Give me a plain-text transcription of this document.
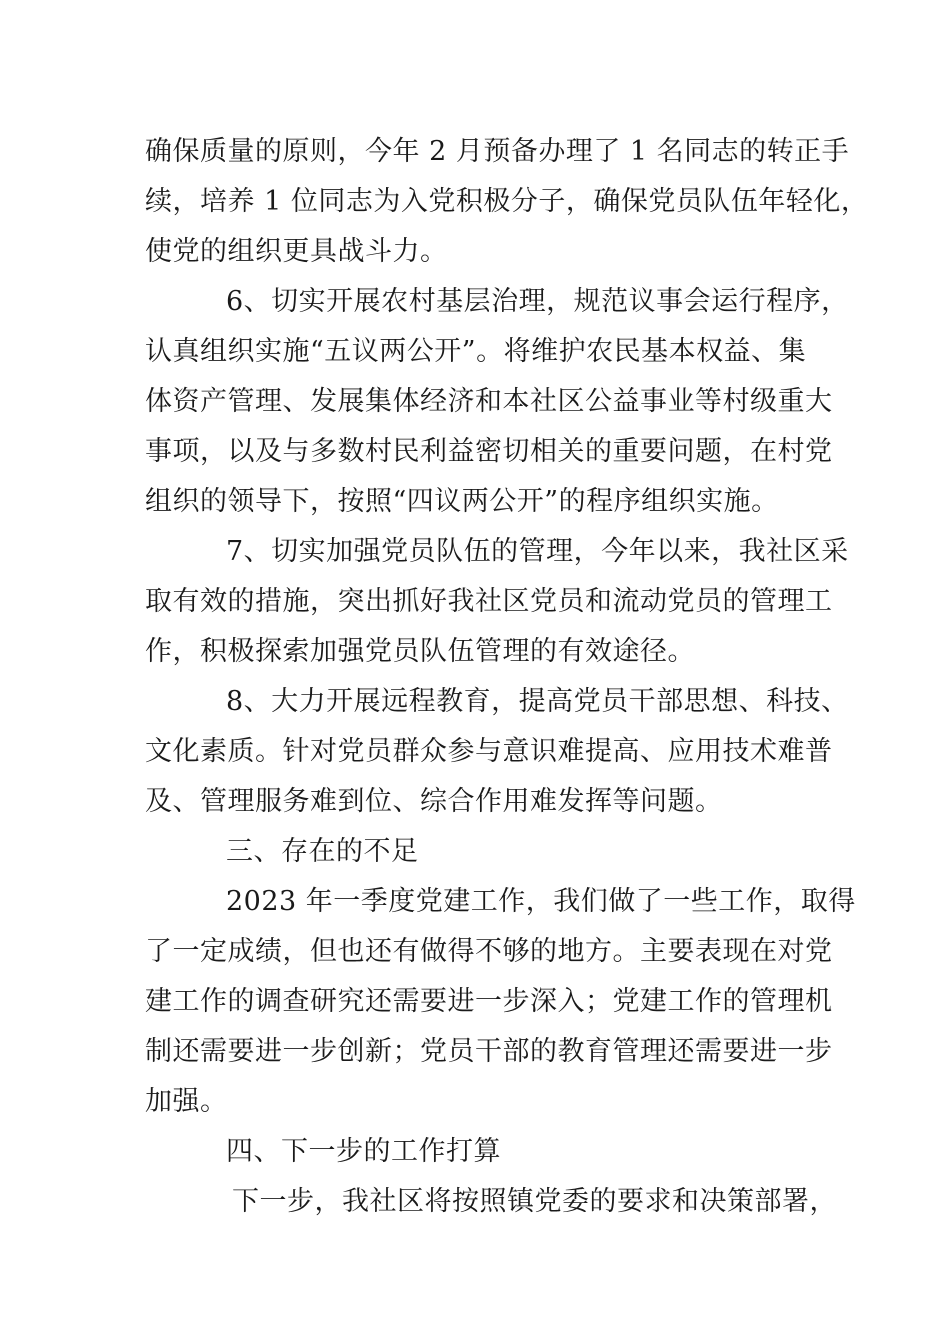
确保质量的原则，今年 2 月预备办理了 1 名同志的转正手
续，培养 1 位同志为入党积极分子，确保党员队伍年轻化，
使党的组织更具战斗力。
6、切实开展农村基层治理，规范议事会运行程序，
认真组织实施“五议两公开”。将维护农民基本权益、集
体资产管理、发展集体经济和本社区公益事业等村级重大
事项，以及与多数村民利益密切相关的重要问题，在村党
组织的领导下，按照“四议两公开”的程序组织实施。
7、切实加强党员队伍的管理，今年以来，我社区采
取有效的措施，突出抓好我社区党员和流动党员的管理工
作，积极探索加强党员队伍管理的有效途径。
8、大力开展远程教育，提高党员干部思想、科技、
文化素质。针对党员群众参与意识难提高、应用技术难普
及、管理服务难到位、综合作用难发挥等问题。
三、存在的不足
2023 年一季度党建工作，我们做了一些工作，取得
了一定成绩，但也还有做得不够的地方。主要表现在对党
建工作的调查研究还需要进一步深入；党建工作的管理机
制还需要进一步创新；党员干部的教育管理还需要进一步
加强。
四、下一步的工作打算
下一步，我社区将按照镇党委的要求和决策部署，
